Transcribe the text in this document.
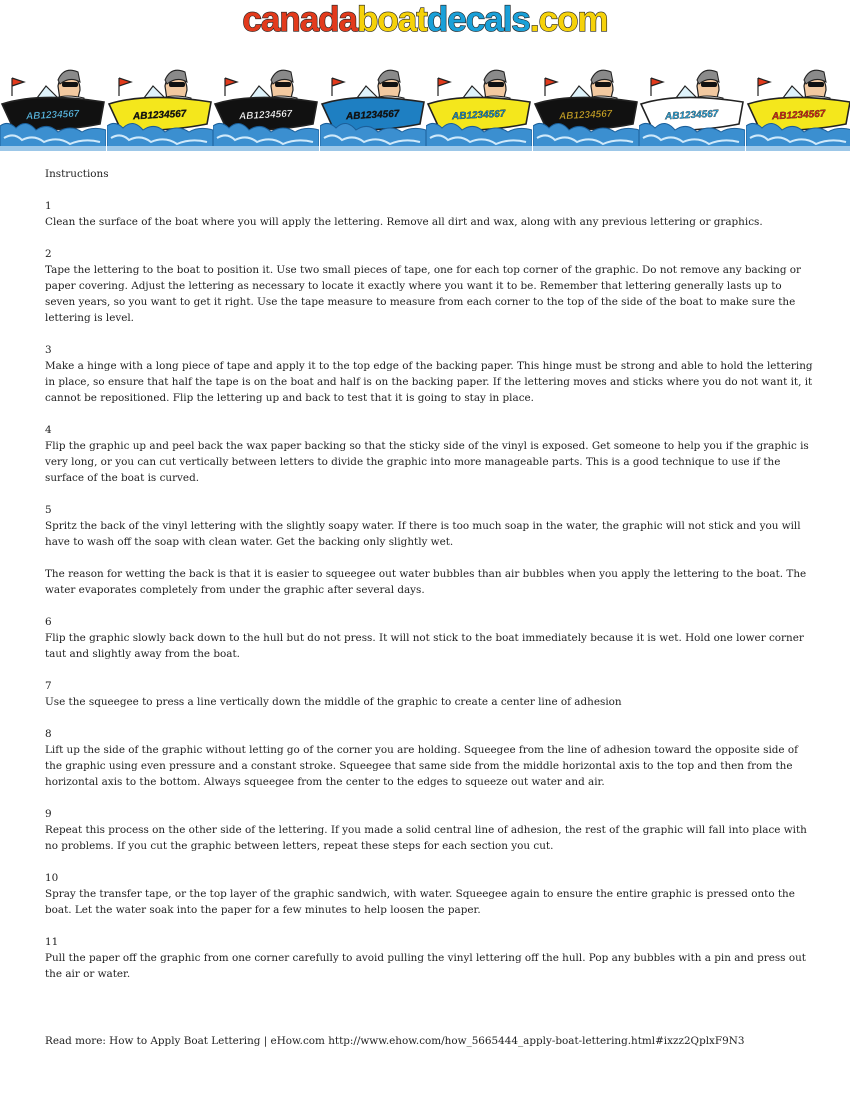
canadaboatdecals.com
AB1234567	AB1234567	AB1234567	AB1234567	AB1234567	AB1234567	AB1234567	AB1234567
Instructions
1
Clean the surface of the boat where you will apply the lettering. Remove all dirt and wax, along with any previous lettering or graphics.
2
Tape the lettering to the boat to position it. Use two small pieces of tape, one for each top corner of the graphic. Do not remove any backing or paper covering. Adjust the lettering as necessary to locate it exactly where you want it to be. Remember that lettering generally lasts up to seven years, so you want to get it right. Use the tape measure to measure from each corner to the top of the side of the boat to make sure the lettering is level.
3
Make a hinge with a long piece of tape and apply it to the top edge of the backing paper. This hinge must be strong and able to hold the lettering in place, so ensure that half the tape is on the boat and half is on the backing paper. If the lettering moves and sticks where you do not want it, it cannot be repositioned. Flip the lettering up and back to test that it is going to stay in place.
4
Flip the graphic up and peel back the wax paper backing so that the sticky side of the vinyl is exposed. Get someone to help you if the graphic is very long, or you can cut vertically between letters to divide the graphic into more manageable parts. This is a good technique to use if the surface of the boat is curved.
5
Spritz the back of the vinyl lettering with the slightly soapy water. If there is too much soap in the water, the graphic will not stick and you will have to wash off the soap with clean water. Get the backing only slightly wet.
The reason for wetting the back is that it is easier to squeegee out water bubbles than air bubbles when you apply the lettering to the boat. The water evaporates completely from under the graphic after several days.
6
Flip the graphic slowly back down to the hull but do not press. It will not stick to the boat immediately because it is wet. Hold one lower corner taut and slightly away from the boat.
7
Use the squeegee to press a line vertically down the middle of the graphic to create a center line of adhesion
8
Lift up the side of the graphic without letting go of the corner you are holding. Squeegee from the line of adhesion toward the opposite side of the graphic using even pressure and a constant stroke. Squeegee that same side from the middle horizontal axis to the top and then from the horizontal axis to the bottom. Always squeegee from the center to the edges to squeeze out water and air.
9
Repeat this process on the other side of the lettering. If you made a solid central line of adhesion, the rest of the graphic will fall into place with no problems. If you cut the graphic between letters, repeat these steps for each section you cut.
10
Spray the transfer tape, or the top layer of the graphic sandwich, with water. Squeegee again to ensure the entire graphic is pressed onto the boat. Let the water soak into the paper for a few minutes to help loosen the paper.
11
Pull the paper off the graphic from one corner carefully to avoid pulling the vinyl lettering off the hull. Pop any bubbles with a pin and press out the air or water.
Read more: How to Apply Boat Lettering | eHow.com http://www.ehow.com/how_5665444_apply-boat-lettering.html#ixzz2QplxF9N3
